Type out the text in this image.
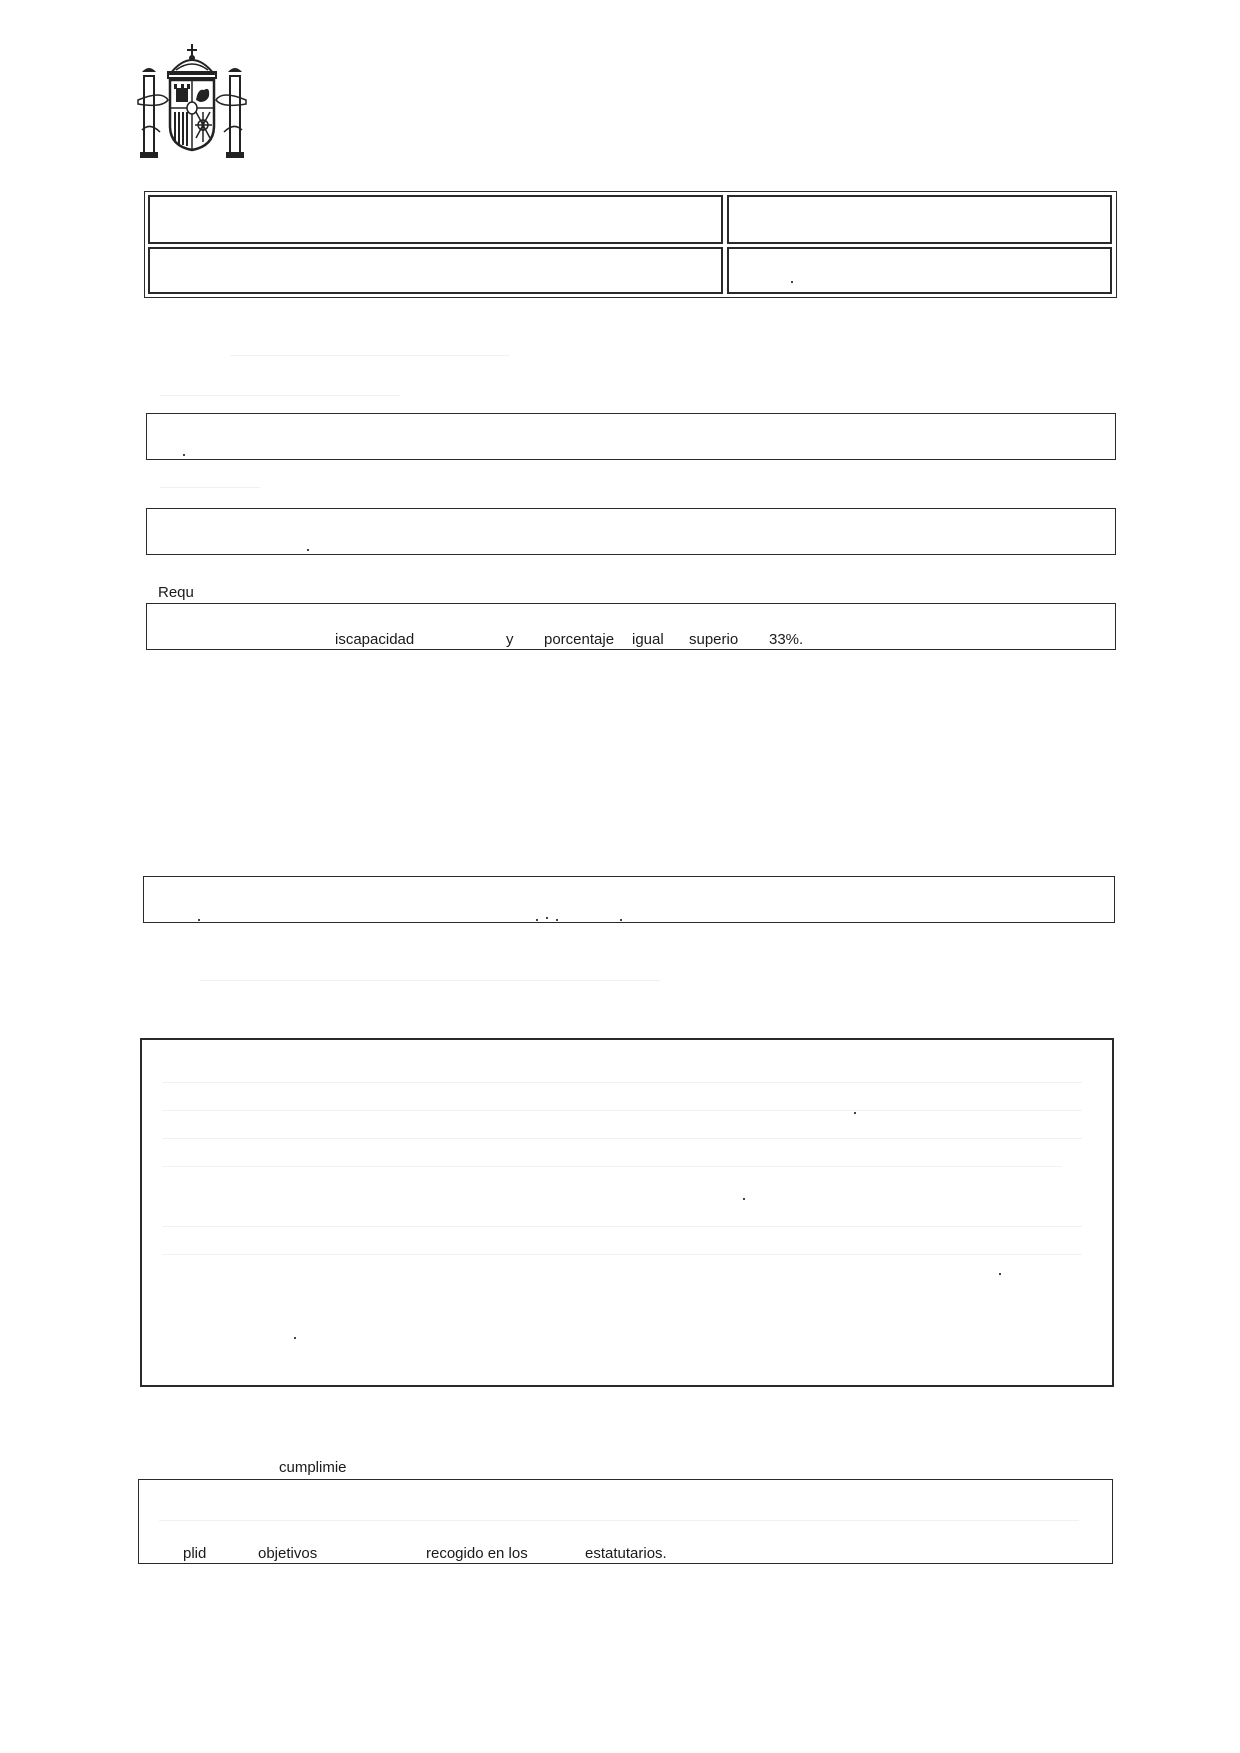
Requ
iscapacidad	y porcentaje igual superio 33%.
cumplimie
plid	objetivos	recogido en los	estatutarios.
